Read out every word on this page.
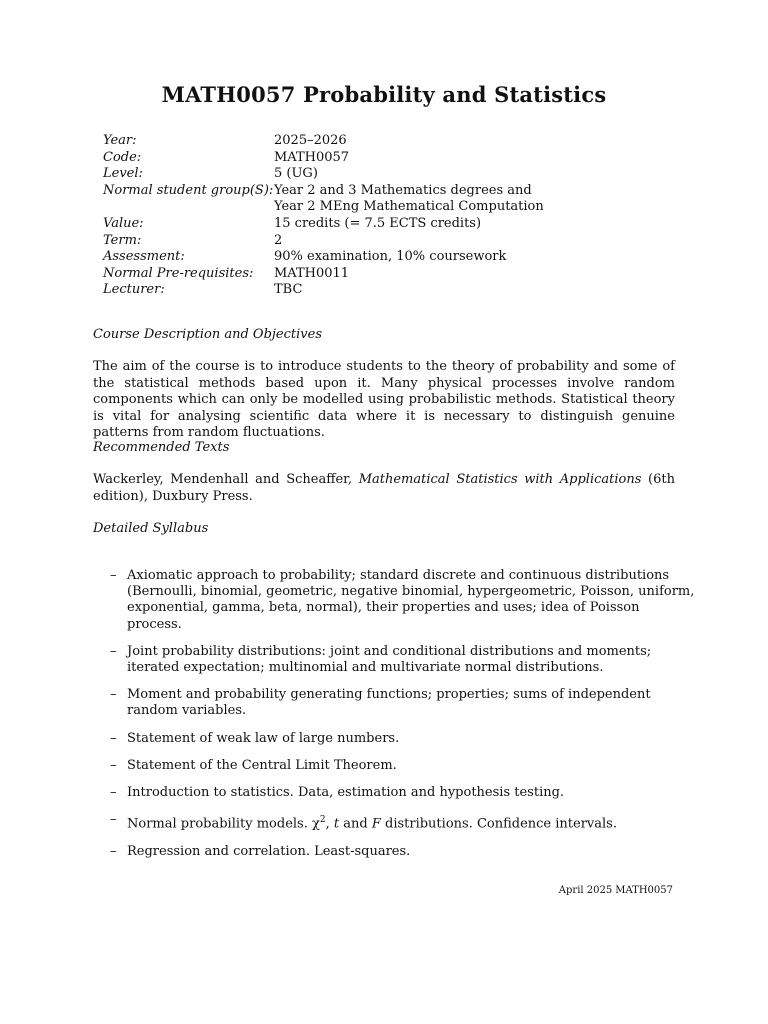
MATH0057 Probability and Statistics
Year:	2025–2026
Code:	MATH0057
Level:	5 (UG)
Normal student group(S): Year 2 and 3 Mathematics degrees and
Year 2 MEng Mathematical Computation
Value:	15 credits (= 7.5 ECTS credits)
Term:	2
Assessment:	90% examination, 10% coursework
Normal Pre-requisites:	MATH0011
Lecturer:	TBC
Course Description and Objectives
The aim of the course is to introduce students to the theory of probability and some of the statistical methods based upon it. Many physical processes involve random components which can only be modelled using probabilistic methods. Statistical theory is vital for analysing scientific data where it is necessary to distinguish genuine patterns from random fluctuations.
Recommended Texts
Wackerley, Mendenhall and Scheaffer, Mathematical Statistics with Applications (6th edition), Duxbury Press.
Detailed Syllabus
– Axiomatic approach to probability; standard discrete and continuous distributions (Bernoulli, binomial, geometric, negative binomial, hypergeometric, Poisson, uniform, exponential, gamma, beta, normal), their properties and uses; idea of Poisson process.
– Joint probability distributions: joint and conditional distributions and moments; iterated expectation; multinomial and multivariate normal distributions.
– Moment and probability generating functions; properties; sums of independent random variables.
– Statement of weak law of large numbers.
– Statement of the Central Limit Theorem.
– Introduction to statistics. Data, estimation and hypothesis testing.
– Normal probability models. $\chi^2$, t and F distributions. Confidence intervals.
– Regression and correlation. Least-squares.
April 2025 MATH0057
